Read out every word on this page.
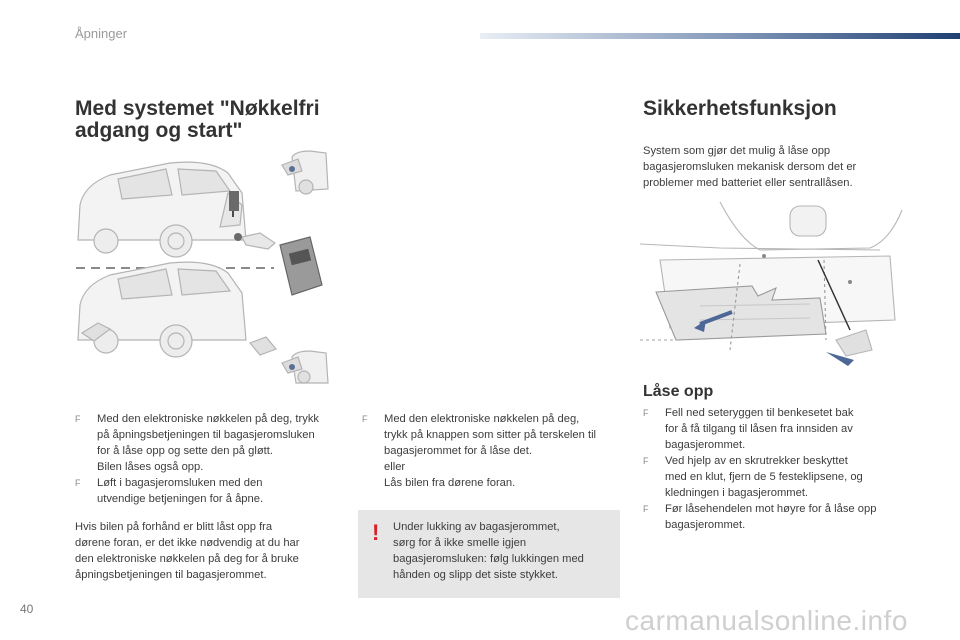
Åpninger
Med systemet "Nøkkelfri
adgang og start"
F Med den elektroniske nøkkelen på deg, trykk
på åpningsbetjeningen til bagasjeromsluken
for å låse opp og sette den på gløtt.
Bilen låses også opp.
F Løft i bagasjeromsluken med den
utvendige betjeningen for å åpne.

Hvis bilen på forhånd er blitt låst opp fra

dørene foran, er det ikke nødvendig at du har

den elektroniske nøkkelen på deg for å bruke

åpningsbetjeningen til bagasjerommet.

F Med den elektroniske nøkkelen på deg,
trykk på knappen som sitter på terskelen til
bagasjerommet for å låse det.
eller
Lås bilen fra dørene foran.
! Under lukking av bagasjerommet,

sørg for å ikke smelle igjen

bagasjeromsluken: følg lukkingen med

hånden og slipp det siste stykket.

Sikkerhetsfunksjon

System som gjør det mulig å låse opp

bagasjeromsluken mekanisk dersom det er

problemer med batteriet eller sentrallåsen.

Låse opp
F Fell ned seteryggen til benkesetet bak
for å få tilgang til låsen fra innsiden av
bagasjerommet.
F Ved hjelp av en skrutrekker beskyttet
med en klut, fjern de 5 festeklipsene, og
kledningen i bagasjerommet.
F Før låsehendelen mot høyre for å låse opp
bagasjerommet.
40	carmanualsonline.info
